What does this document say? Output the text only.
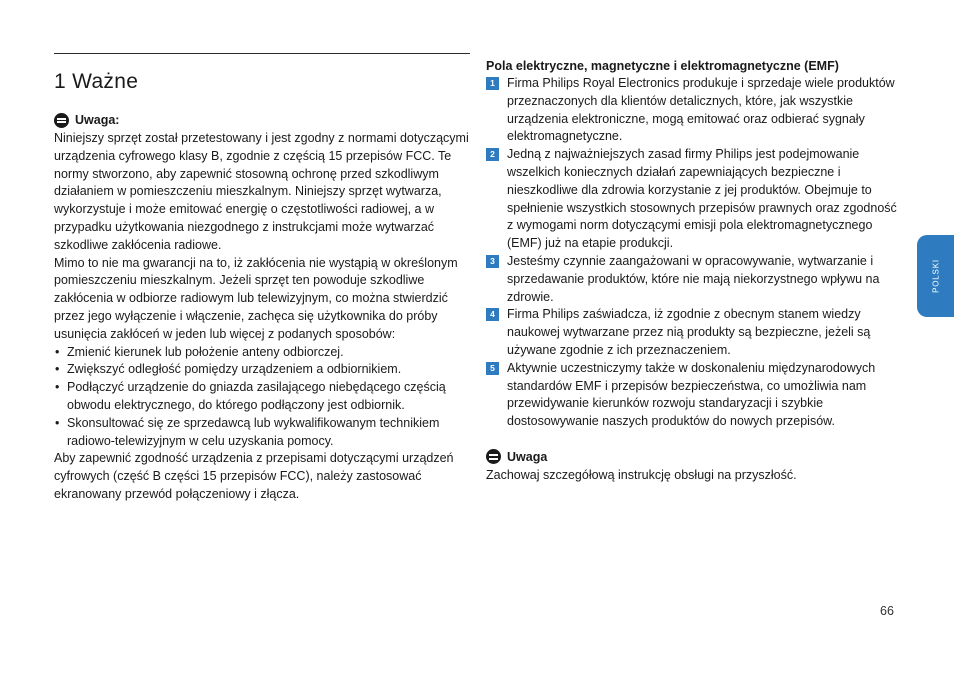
1 Ważne
Uwaga:

Niniejszy sprzęt został przetestowany i jest zgodny z normami dotyczącymi urządzenia cyfrowego klasy B, zgodnie z częścią 15 przepisów FCC. Te normy stworzono, aby zapewnić stosowną ochronę przed szkodliwym działaniem w pomieszczeniu mieszkalnym. Niniejszy sprzęt wytwarza, wykorzystuje i może emitować energię o częstotliwości radiowej, a w przypadku użytkowania niezgodnego z instrukcjami może wytwarzać szkodliwe zakłócenia radiowe.

Mimo to nie ma gwarancji na to, iż zakłócenia nie wystąpią w określonym pomieszczeniu mieszkalnym. Jeżeli sprzęt ten powoduje szkodliwe zakłócenia w odbiorze radiowym lub telewizyjnym, co można stwierdzić przez jego wyłączenie i włączenie, zachęca się użytkownika do próby usunięcia zakłóceń w jeden lub więcej z podanych sposobów:

• Zmienić kierunek lub położenie anteny odbiorczej.
• Zwiększyć odległość pomiędzy urządzeniem a odbiornikiem.
• Podłączyć urządzenie do gniazda zasilającego niebędącego częścią obwodu elektrycznego, do którego podłączony jest odbiornik.
• Skonsultować się ze sprzedawcą lub wykwalifikowanym technikiem radiowo-telewizyjnym w celu uzyskania pomocy.

Aby zapewnić zgodność urządzenia z przepisami dotyczącymi urządzeń cyfrowych (część B części 15 przepisów FCC), należy zastosować ekranowany przewód połączeniowy i złącza.

Pola elektryczne, magnetyczne i elektromagnetyczne (EMF)

1 Firma Philips Royal Electronics produkuje i sprzedaje wiele produktów przeznaczonych dla klientów detalicznych, które, jak wszystkie urządzenia elektroniczne, mogą emitować oraz odbierać sygnały elektromagnetyczne.
2 Jedną z najważniejszych zasad firmy Philips jest podejmowanie wszelkich koniecznych działań zapewniających bezpieczne i nieszkodliwe dla zdrowia korzystanie z jej produktów. Obejmuje to spełnienie wszystkich stosownych przepisów prawnych oraz zgodność z wymogami norm dotyczącymi emisji pola elektromagnetycznego (EMF) już na etapie produkcji.
3 Jesteśmy czynnie zaangażowani w opracowywanie, wytwarzanie i sprzedawanie produktów, które nie mają niekorzystnego wpływu na zdrowie.
4 Firma Philips zaświadcza, iż zgodnie z obecnym stanem wiedzy naukowej wytwarzane przez nią produkty są bezpieczne, jeżeli są używane zgodnie z ich przeznaczeniem.
5 Aktywnie uczestniczymy także w doskonaleniu międzynarodowych standardów EMF i przepisów bezpieczeństwa, co umożliwia nam przewidywanie kierunków rozwoju standaryzacji i szybkie dostosowywanie naszych produktów do nowych przepisów.
Uwaga

Zachowaj szczegółową instrukcję obsługi na przyszłość.

POLSKI
66
